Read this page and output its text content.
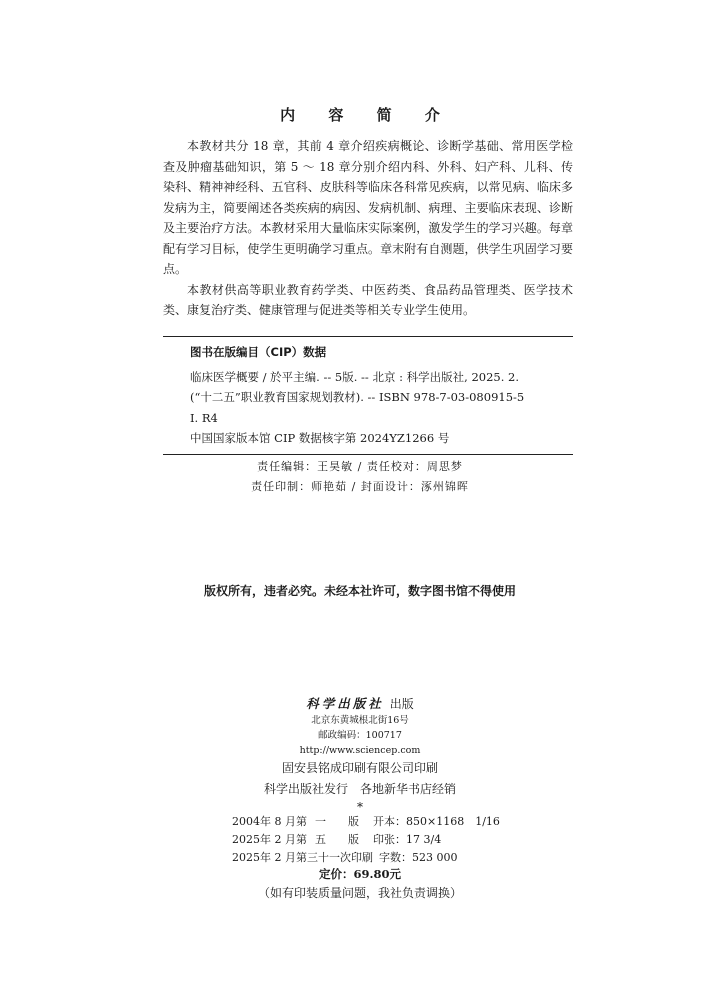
内 容 简 介

本教材共分 18 章，其前 4 章介绍疾病概论、诊断学基础、常用医学检查及肿瘤基础知识，第 5 ～ 18 章分别介绍内科、外科、妇产科、儿科、传染科、精神神经科、五官科、皮肤科等临床各科常见疾病，以常见病、临床多发病为主，简要阐述各类疾病的病因、发病机制、病理、主要临床表现、诊断及主要治疗方法。本教材采用大量临床实际案例，激发学生的学习兴趣。每章配有学习目标，使学生更明确学习重点。章末附有自测题，供学生巩固学习要点。

本教材供高等职业教育药学类、中医药类、食品药品管理类、医学技术类、康复治疗类、健康管理与促进类等相关专业学生使用。

图书在版编目（CIP）数据
临床医学概要 / 於平主编. -- 5版. -- 北京 : 科学出版社, 2025. 2.
(“十二五”职业教育国家规划教材). -- ISBN 978-7-03-080915-5
Ⅰ. R4
中国国家版本馆 CIP 数据核字第 2024YZ1266 号
责任编辑：王昊敏 / 责任校对：周思梦
责任印制：师艳茹 / 封面设计：涿州锦晖
版权所有，违者必究。未经本社许可，数字图书馆不得使用
科学出版社 出版
北京东黄城根北街16号
邮政编码：100717
http://www.sciencep.com
固安县铭成印刷有限公司印刷
科学出版社发行　各地新华书店经销
*
2004年 8 月第 一　　版 开本：850×1168　1/16
2025年 2 月第 五　　版 印张：17 3/4
2025年 2 月第三十一次印刷 字数：523 000
定价：69.80元
（如有印装质量问题，我社负责调换）
